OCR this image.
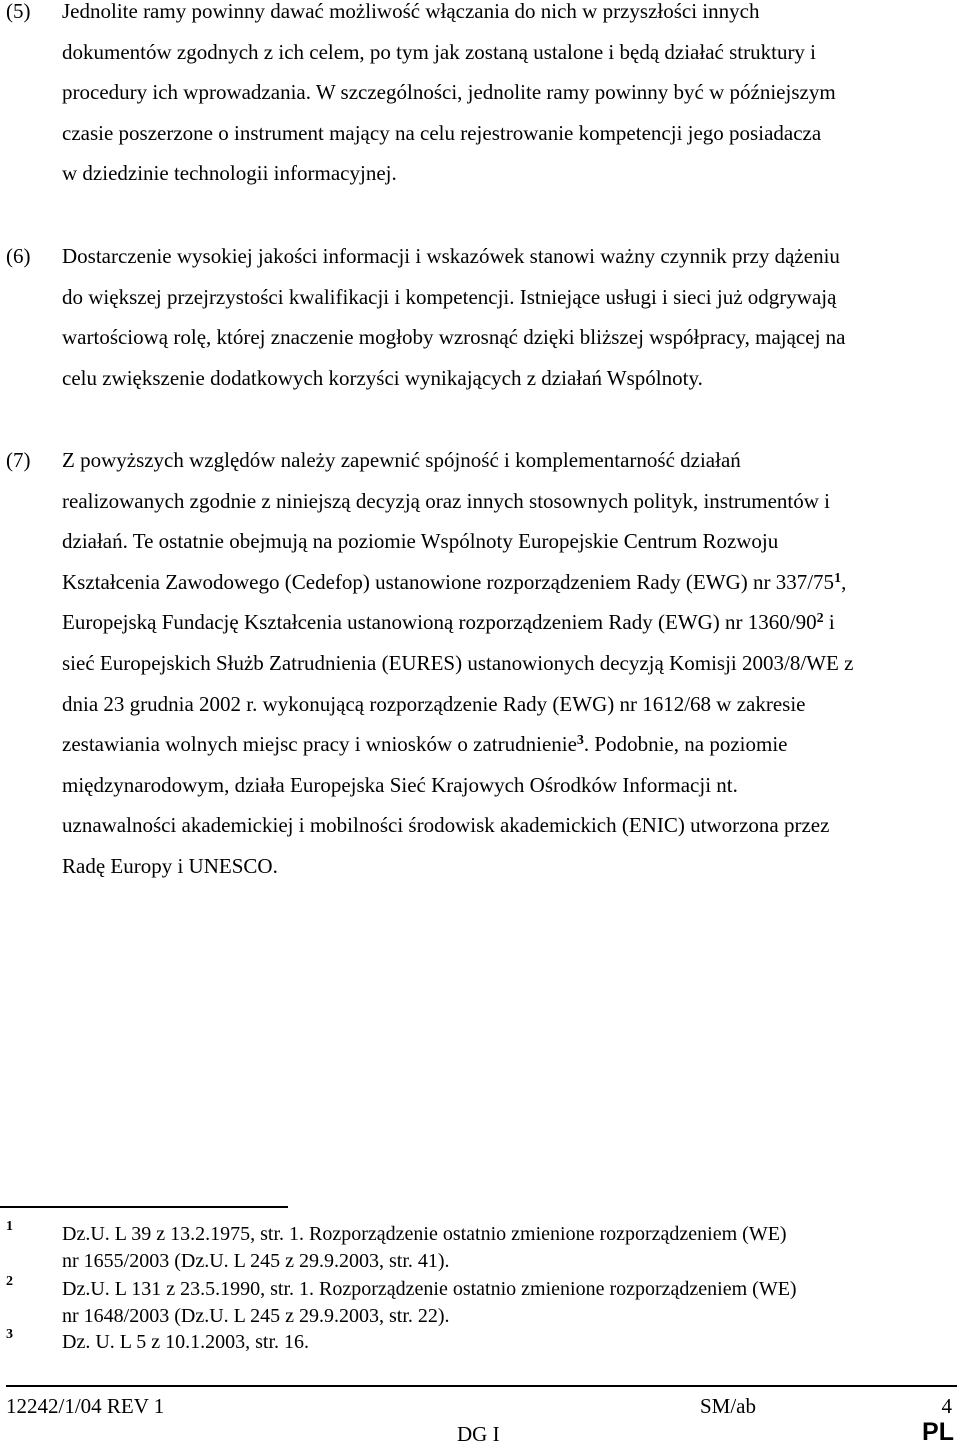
(5) Jednolite ramy powinny dawać możliwość włączania do nich w przyszłości innych
dokumentów zgodnych z ich celem, po tym jak zostaną ustalone i będą działać struktury i
procedury ich wprowadzania. W szczególności, jednolite ramy powinny być w późniejszym
czasie poszerzone o instrument mający na celu rejestrowanie kompetencji jego posiadacza
w dziedzinie technologii informacyjnej.
(6) Dostarczenie wysokiej jakości informacji i wskazówek stanowi ważny czynnik przy dążeniu
do większej przejrzystości kwalifikacji i kompetencji. Istniejące usługi i sieci już odgrywają
wartościową rolę, której znaczenie mogłoby wzrosnąć dzięki bliższej współpracy, mającej na
celu zwiększenie dodatkowych korzyści wynikających z działań Wspólnoty.
(7) Z powyższych względów należy zapewnić spójność i komplementarność działań
realizowanych zgodnie z niniejszą decyzją oraz innych stosownych polityk, instrumentów i
działań. Te ostatnie obejmują na poziomie Wspólnoty Europejskie Centrum Rozwoju
Kształcenia Zawodowego (Cedefop) ustanowione rozporządzeniem Rady (EWG) nr 337/75$^1$,
Europejską Fundację Kształcenia ustanowioną rozporządzeniem Rady (EWG) nr 1360/90$^2$ i
sieć Europejskich Służb Zatrudnienia (EURES) ustanowionych decyzją Komisji 2003/8/WE z
dnia 23 grudnia 2002 r. wykonującą rozporządzenie Rady (EWG) nr 1612/68 w zakresie
zestawiania wolnych miejsc pracy i wniosków o zatrudnienie$^3$. Podobnie, na poziomie
międzynarodowym, działa Europejska Sieć Krajowych Ośrodków Informacji nt.
uznawalności akademickiej i mobilności środowisk akademickich (ENIC) utworzona przez
Radę Europy i UNESCO.
1 Dz.U. L 39 z 13.2.1975, str. 1. Rozporządzenie ostatnio zmienione rozporządzeniem (WE)
nr 1655/2003 (Dz.U. L 245 z 29.9.2003, str. 41).
2 Dz.U. L 131 z 23.5.1990, str. 1. Rozporządzenie ostatnio zmienione rozporządzeniem (WE)
nr 1648/2003 (Dz.U. L 245 z 29.9.2003, str. 22).
3 Dz. U. L 5 z 10.1.2003, str. 16.
12242/1/04 REV 1	SM/ab	4
DG I	PL
